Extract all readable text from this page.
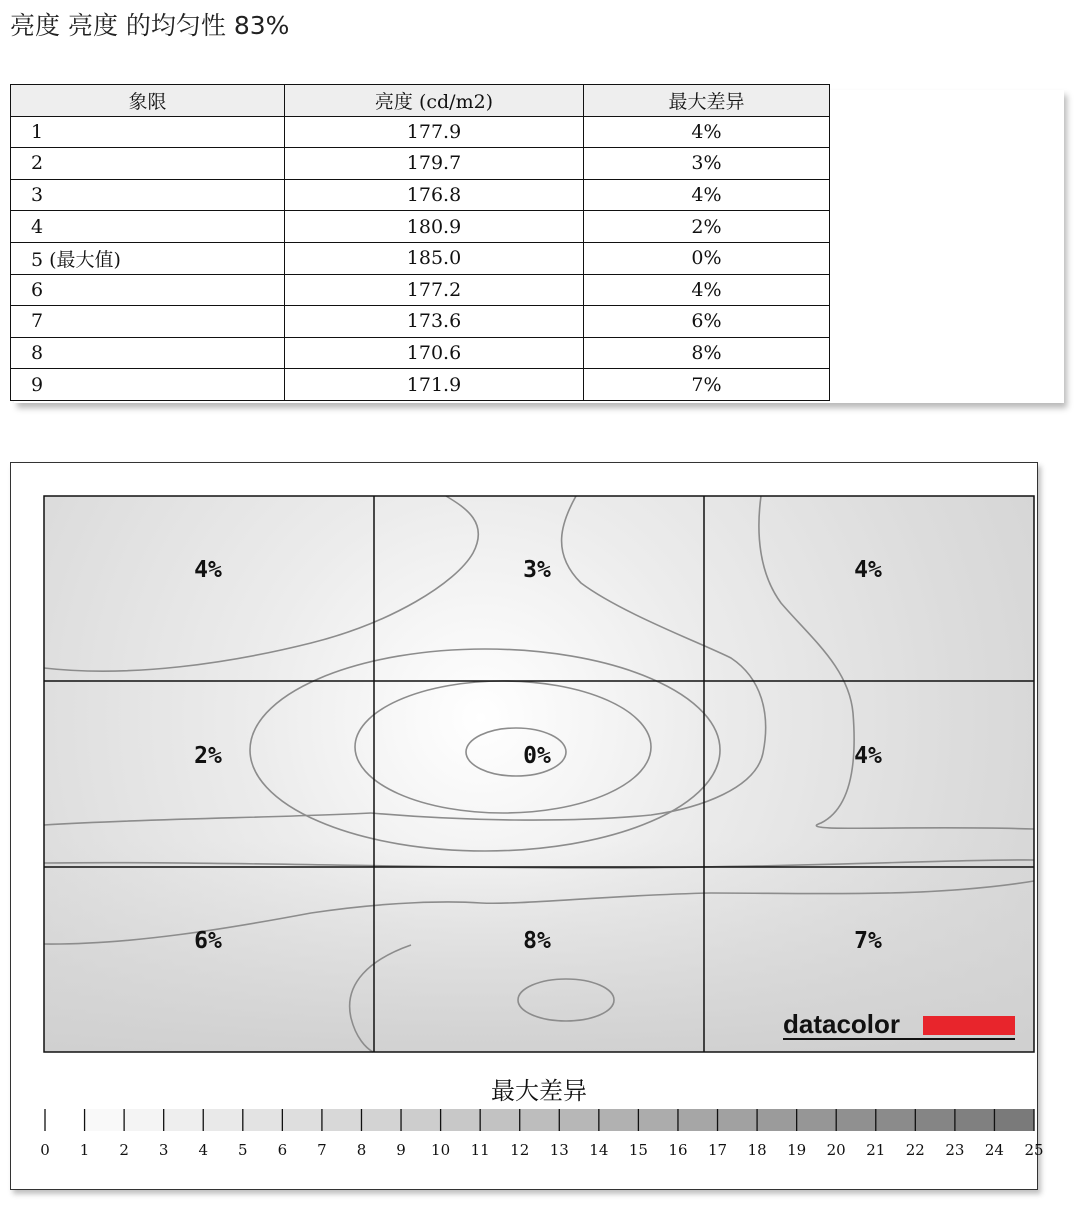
亮度 亮度 的均匀性 83%
象限	亮度 (cd/m2)	最大差异
1	177.9	4%
2	179.7	3%
3	176.8	4%
4	180.9	2%
5 (最大值)	185.0	0%
6	177.2	4%
7	173.6	6%
8	170.6	8%
9	171.9	7%
4%	3%	4%
2%	0%	4%
6%	8%	7%
datacolor
最大差异
0 1 2 3 4 5 6 7 8 9 10 11 12 13 14 15 16 17 18 19 20 21 22 23 24 25
